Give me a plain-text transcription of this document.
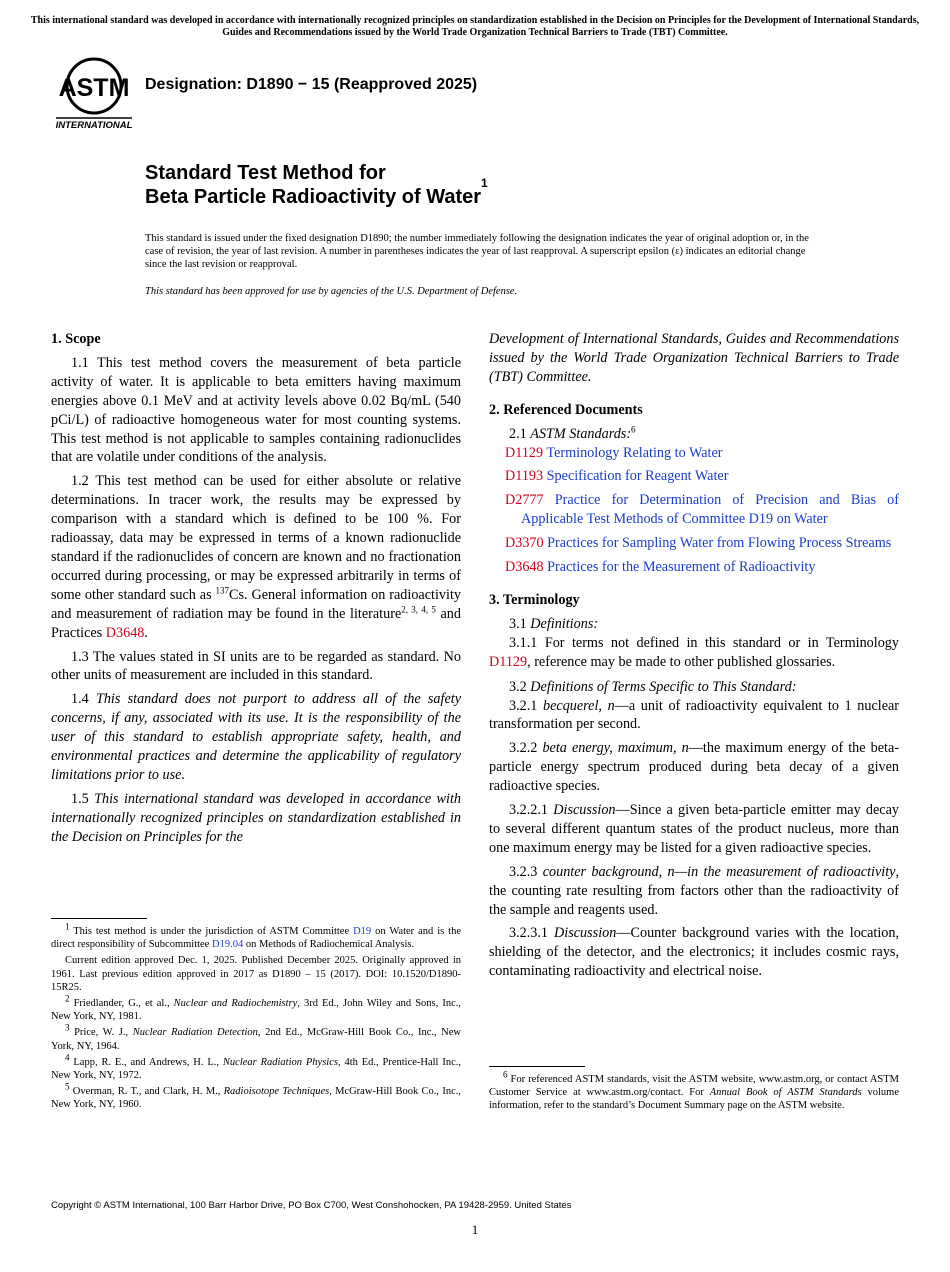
This international standard was developed in accordance with internationally recognized principles on standardization established in the Decision on Principles for the Development of International Standards, Guides and Recommendations issued by the World Trade Organization Technical Barriers to Trade (TBT) Committee.
ASTM
INTERNATIONAL
Designation: D1890 − 15 (Reapproved 2025)
Standard Test Method for
Beta Particle Radioactivity of Water$^1$
This standard is issued under the fixed designation D1890; the number immediately following the designation indicates the year of original adoption or, in the case of revision, the year of last revision. A number in parentheses indicates the year of last reapproval. A superscript epsilon (ε) indicates an editorial change since the last revision or reapproval.
This standard has been approved for use by agencies of the U.S. Department of Defense.
1. Scope

1.1 This test method covers the measurement of beta particle activity of water. It is applicable to beta emitters having maximum energies above 0.1 MeV and at activity levels above 0.02 Bq/mL (540 pCi/L) of radioactive homogeneous water for most counting systems. This test method is not applicable to samples containing radionuclides that are volatile under conditions of the analysis.

1.2 This test method can be used for either absolute or relative determinations. In tracer work, the results may be expressed by comparison with a standard which is defined to be 100 %. For radioassay, data may be expressed in terms of a known radionuclide standard if the radionuclides of concern are known and no fractionation occurred during processing, or may be expressed arbitrarily in terms of some other standard such as $^{137}$Cs. General information on radioactivity and measurement of radiation may be found in the literature$^{2, 3, 4, 5}$ and Practices D3648.

1.3 The values stated in SI units are to be regarded as standard. No other units of measurement are included in this standard.

1.4 This standard does not purport to address all of the safety concerns, if any, associated with its use. It is the responsibility of the user of this standard to establish appropriate safety, health, and environmental practices and determine the applicability of regulatory limitations prior to use.

1.5 This international standard was developed in accordance with internationally recognized principles on standardization established in the Decision on Principles for the

Development of International Standards, Guides and Recommendations issued by the World Trade Organization Technical Barriers to Trade (TBT) Committee.

2. Referenced Documents

2.1 ASTM Standards:$^6$

D1129 Terminology Relating to Water

D1193 Specification for Reagent Water

D2777 Practice for Determination of Precision and Bias of Applicable Test Methods of Committee D19 on Water

D3370 Practices for Sampling Water from Flowing Process Streams

D3648 Practices for the Measurement of Radioactivity

3. Terminology

3.1 Definitions:

3.1.1 For terms not defined in this standard or in Terminology D1129, reference may be made to other published glossaries.

3.2 Definitions of Terms Specific to This Standard:

3.2.1 becquerel, n—a unit of radioactivity equivalent to 1 nuclear transformation per second.

3.2.2 beta energy, maximum, n—the maximum energy of the beta-particle energy spectrum produced during beta decay of a given radioactive species.

3.2.2.1 Discussion—Since a given beta-particle emitter may decay to several different quantum states of the product nucleus, more than one maximum energy may be listed for a given radioactive species.

3.2.3 counter background, n—in the measurement of radioactivity, the counting rate resulting from factors other than the radioactivity of the sample and reagents used.

3.2.3.1 Discussion—Counter background varies with the location, shielding of the detector, and the electronics; it includes cosmic rays, contaminating radioactivity and electrical noise.

$^1$ This test method is under the jurisdiction of ASTM Committee D19 on Water and is the direct responsibility of Subcommittee D19.04 on Methods of Radiochemical Analysis.

Current edition approved Dec. 1, 2025. Published December 2025. Originally approved in 1961. Last previous edition approved in 2017 as D1890 – 15 (2017). DOI: 10.1520/D1890-15R25.

$^2$ Friedlander, G., et al., Nuclear and Radiochemistry, 3rd Ed., John Wiley and Sons, Inc., New York, NY, 1981.

$^3$ Price, W. J., Nuclear Radiation Detection, 2nd Ed., McGraw-Hill Book Co., Inc., New York, NY, 1964.

$^4$ Lapp, R. E., and Andrews, H. L., Nuclear Radiation Physics, 4th Ed., Prentice-Hall Inc., New York, NY, 1972.

$^5$ Overman, R. T., and Clark, H. M., Radioisotope Techniques, McGraw-Hill Book Co., Inc., New York, NY, 1960.

$^6$ For referenced ASTM standards, visit the ASTM website, www.astm.org, or contact ASTM Customer Service at www.astm.org/contact. For Annual Book of ASTM Standards volume information, refer to the standard’s Document Summary page on the ASTM website.

Copyright © ASTM International, 100 Barr Harbor Drive, PO Box C700, West Conshohocken, PA 19428-2959. United States
1
